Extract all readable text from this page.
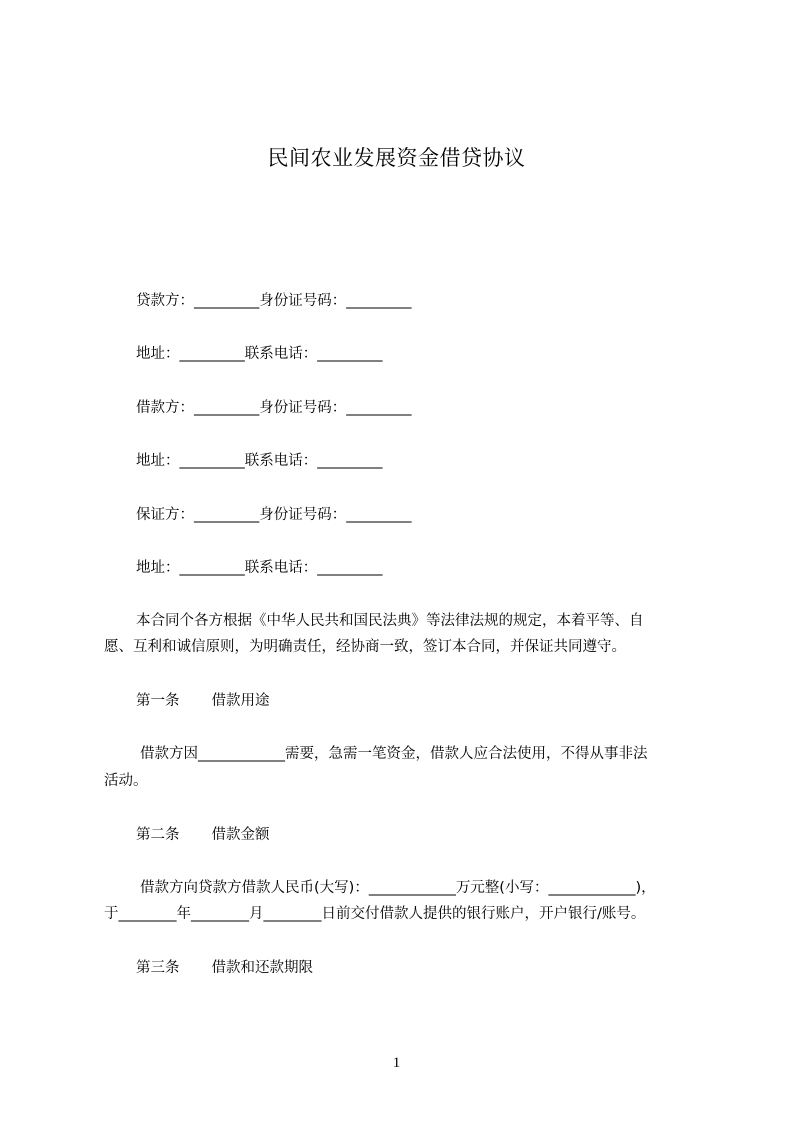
民间农业发展资金借贷协议
贷款方：_________身份证号码：_________
地址：_________联系电话：_________
借款方：_________身份证号码：_________
地址：_________联系电话：_________
保证方：_________身份证号码：_________
地址：_________联系电话：_________
本合同个各方根据《中华人民共和国民法典》等法律法规的规定，本着平等、自
愿、互利和诚信原则，为明确责任，经协商一致，签订本合同，并保证共同遵守。
第一条 借款用途
借款方因____________需要，急需一笔资金，借款人应合法使用，不得从事非法
活动。
第二条 借款金额
借款方向贷款方借款人民币(大写)：____________万元整(小写：____________)，
于________年________月________日前交付借款人提供的银行账户，开户银行/账号。
第三条 借款和还款期限
1
